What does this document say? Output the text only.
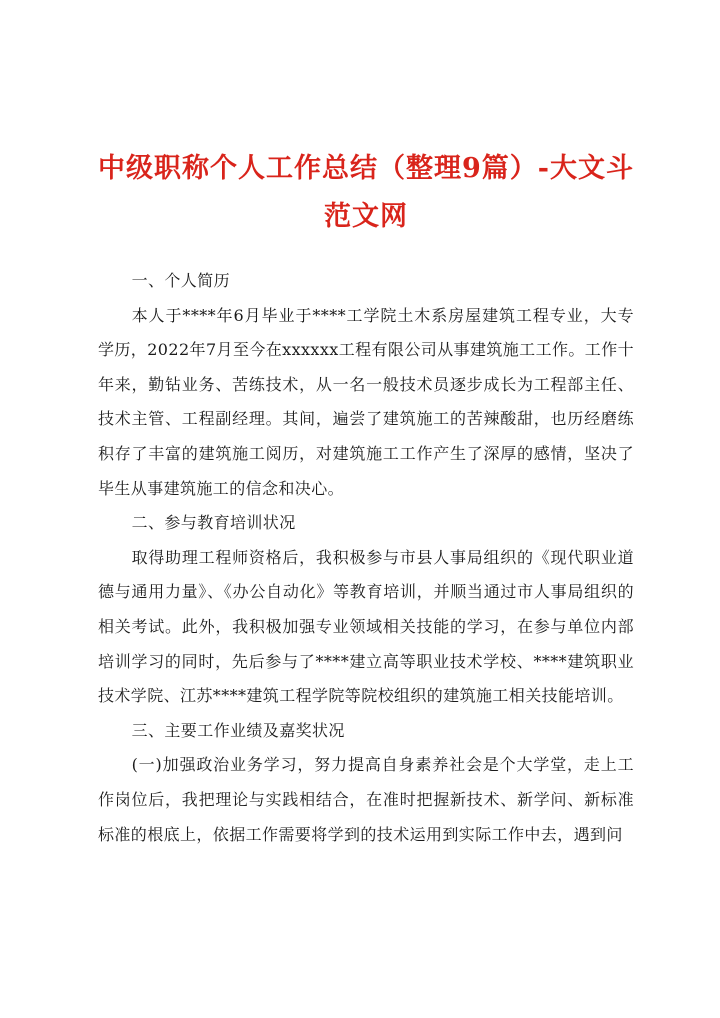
中级职称个人工作总结（整理9篇）-大文斗范文网

一、个人简历

本人于****年6月毕业于****工学院土木系房屋建筑工程专业，大专学历，2022年7月至今在xxxxxx工程有限公司从事建筑施工工作。工作十年来，勤钻业务、苦练技术，从一名一般技术员逐步成长为工程部主任、技术主管、工程副经理。其间，遍尝了建筑施工的苦辣酸甜，也历经磨练积存了丰富的建筑施工阅历，对建筑施工工作产生了深厚的感情，坚决了毕生从事建筑施工的信念和决心。

二、参与教育培训状况

取得助理工程师资格后，我积极参与市县人事局组织的《现代职业道德与通用力量》、《办公自动化》等教育培训，并顺当通过市人事局组织的相关考试。此外，我积极加强专业领域相关技能的学习，在参与单位内部培训学习的同时，先后参与了****建立高等职业技术学校、****建筑职业技术学院、江苏****建筑工程学院等院校组织的建筑施工相关技能培训。

三、主要工作业绩及嘉奖状况

(一)加强政治业务学习，努力提高自身素养社会是个大学堂，走上工作岗位后，我把理论与实践相结合，在准时把握新技术、新学问、新标准标准的根底上，依据工作需要将学到的技术运用到实际工作中去，遇到问
